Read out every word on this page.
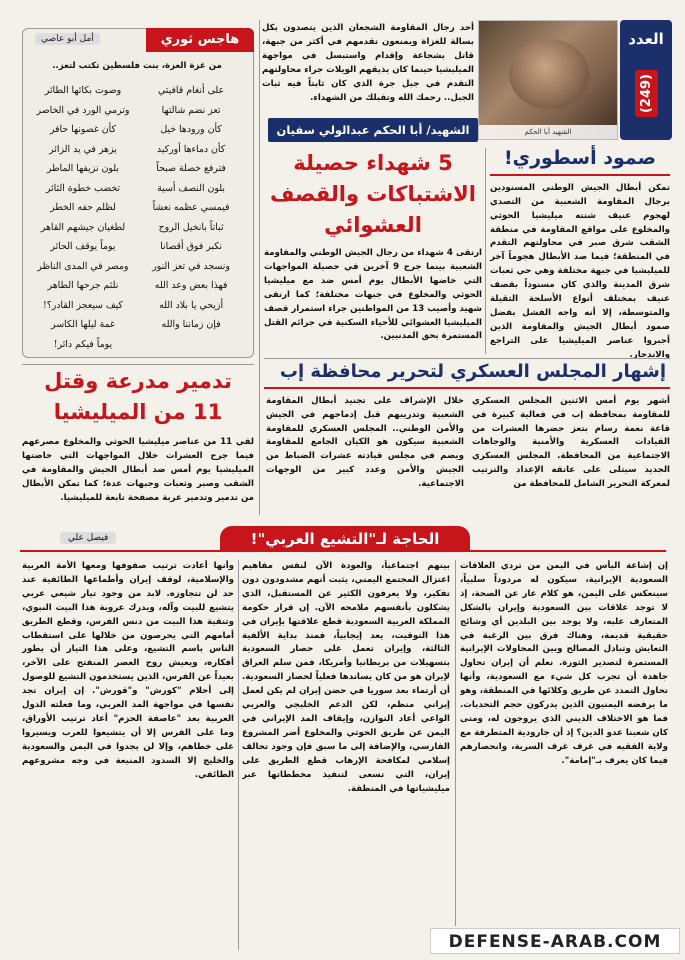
العدد
(249)
الشهيد أبا الحكم
أحد رجال المقاومة الشجعان الذين يتصدون بكل بسالة للغزاة ويمنعون تقدمهم في أكثر من جبهة، قاتل بشجاعة وإقدام واستبسل في مواجهة الميليشيا حينما كان يذيقهم الويلات جراء محاولتهم التقدم في جبل جرة الذي كان ثابتاً فيه ثبات الجبل.. رحمك الله وتقبلك من الشهداء.
الشهيد/ أبا الحكم عبدالولي سفيان
هاجس ثوري
أمل أبو عاصي
من غزة العزة، بنت فلسطين تكتب لتعز..
على أنغام قافيتي
وصوت بكائها الطائر
تعز نضم شالتها
وترمي الورد في الخاصر
كأن ورودها خيل
كأن غصونها حافر
كأن دماءها أوركيد
يزهر في يد الزائر
فترفع خصلة صبحاً
بلون نزيفها الماطر
بلون النصف أسية
تخضب خطوة الثائر
فيمسي عظمه نعشاً
لظلم حفه الخطر
ثباتاً بانخيل الروح
لطغيان جيشهم القاهر
نكبر فوق أقصانا
يوماً يوقف الحائر
ونسجد في تعز النور
ومصر في المدى الناظر
فهذا بعض وعد الله
نلثم جرحها الطاهر
أزيحي يا بلاد الله
كيف سيعجز القادر؟!
فإن زماننا والله
غمة ليلها الكاسر
يوماً فيكم دائر!
صمود أسطوري!
تمكن أبطال الجيش الوطني المسنودين برجال المقاومة الشعبية من التصدي لهجوم عنيف شنته ميليشيا الحوثي والمخلوع على مواقع المقاومة في منطقة الشقب شرق صبر في محاولتهم التقدم في المنطقة؛ فيما صد الأبطال هجوماً آخر للميليشيا في جبهة مختلفة وهي حي ثعبات شرق المدينة والذي كان مسنوداً بقصف عنيف بمختلف أنواع الأسلحة الثقيلة والمتوسطة، إلا أنه واجه الفشل بفضل صمود أبطال الجيش والمقاومة الذين أجبروا عناصر الميليشيا على التراجع والاندحار.
5 شهداء حصيلة الاشتباكات والقصف العشوائي
ارتقى 4 شهداء من رجال الجيش الوطني والمقاومة الشعبية بينما جرح 9 آخرين في حصيلة المواجهات التي خاضها الأبطال يوم أمس ضد مع ميليشيا الحوثي والمخلوع في جبهات مختلفة؛ كما ارتقى شهيد وأصيب 13 من المواطنين جراء استمرار قصف الميليشيا العشوائي للأحياء السكنية في جرائم القتل المستمرة بحق المدنيين.
إشهار المجلس العسكري لتحرير محافظة إب
أشهر يوم أمس الاثنين المجلس العسكري للمقاومة بمحافظة إب في فعالية كبيرة في قاعة نعمة رسام بتعز حضرها العشرات من القيادات العسكرية والأمنية والوجاهات الاجتماعية من المحافظة. المجلس العسكري الجديد سيتلى على عاتقه الإعداد والترتيب لمعركة التحرير الشامل للمحافظة من
خلال الإشراف على تجنيد أبطال المقاومة الشعبية وتدريبهم قبل إدماجهم في الجيش والأمن الوطني.. المجلس العسكري للمقاومة الشعبية سيكون هو الكيان الجامع للمقاومة ويضم في مجلس قيادته عشرات الضباط من الجيش والأمن وعدد كبير من الوجهات الاجتماعية.
تدمير مدرعة وقتل 11 من الميليشيا
لقي 11 من عناصر ميليشيا الحوثي والمخلوع مصرعهم فيما جرح العشرات خلال المواجهات التي خاضتها الميليشيا يوم أمس ضد أبطال الجيش والمقاومة في الشقب وصبر وثعبات وجبهات عدة؛ كما تمكن الأبطال من تدمير وتدمير عربة مصفحة تابعة للميليشيا.
الحاجة لـ"التشيع العربي"!
فيصل علي
إن إشاعة اليأس في اليمن من تردي العلاقات السعودية الإيرانية، سيكون له مردوداً سلبياً، سينعكس على اليمن، هو كلام عار عن الصحة، إذ لا توجد علاقات بين السعودية وإيران بالشكل المتعارف عليه، ولا يوجد بين البلدين أي وشائج حقيقية قديمة، وهناك فرق بين الرغبة في التعايش وتبادل المصالح وبين المحاولات الإيرانية المستمرة لتصدير الثورة. نعلم أن إيران تحاول جاهدة أن تجرب كل شيء مع السعودية، وأنها تحاول التمدد عن طريق وكلائها في المنطقة، وهو ما يرفضه اليمنيون الذين يدركون حجم التحديات. فما هو الاختلاف الديني الذي يروجون له، ومتى كان شعبنا عدو الدين؟ إذ أن جارودية المتطرفة مع ولاية الفقيه في غرف غرف السرية، وانحصارهم فيما كان يعرف بـ"إمامة".
بينهم اجتماعياً، والعودة الآن لنفس مفاهيم اعتزال المجتمع اليمني، يثبت أنهم مشدودون دون تفكير، ولا يعرفون الكثير عن المستقبل، الذي يشكلون بأنفسهم ملامحه الآن. إن قرار حكومة المملكة العربية السعودية قطع علاقتها بإيران في هذا التوقيت، يعد إيجابياً، فمنذ بداية الألفية الثالثة، وإيران تعمل على حصار السعودية بتسهيلات من بريطانيا وأمريكا، فمن سلم العراق لإيران هو من كان يساندها فعلياً لحصار السعودية. أن أرتماء بعد سوريا في حضن إيران لم يكن لعمل إيراني منظم، لكن الدعم الخليجي والعربي الواعي أعاد التوازن، وإيقاف المد الإيراني في اليمن عن طريق الحوثي والمخلوع أضر المشروع الفارسي، والإضافة إلى ما سبق فإن وجود تحالف إسلامي لمكافحة الإرهاب قطع الطريق على إيران، التي تسعى لتنفيذ مخططاتها عبر ميليشياتها في المنطقة.
وأنها أعادت ترتيب صفوفها ومعها الأمة العربية والإسلامية، لوقف إيران وأطماعها الطائفية عند حد لن تتجاوزه. لابد من وجود تيار شيعي عربي يتشيع للبيت وآله، ويدرك عروبة هذا البيت النبوي، وتنقية هذا البيت من دنس الفرس، وقطع الطريق أمامهم التي يحرصون من خلالها على استقطاب الناس باسم التشيع، وعلى هذا التيار أن يطور أفكاره، ويعيش روح العصر المنفتح على الآخر، بعيداً عن الفرس، الذين يستخدمون التشيع للوصول إلى أحلام "كورش" و"قورش". إن إيران تجد نفسها في مواجهة المد العربي، وما فعلته الدول العربية بعد "عاصفة الحزم" أعاد ترتيب الأوراق، وما على الفرس إلا أن يتشيعوا للعرب ويسيروا على خطاهم، وإلا لن يجدوا في اليمن والسعودية والخليج إلا السدود المنيعة في وجه مشروعهم الطائفي.
DEFENSE-ARAB.COM
